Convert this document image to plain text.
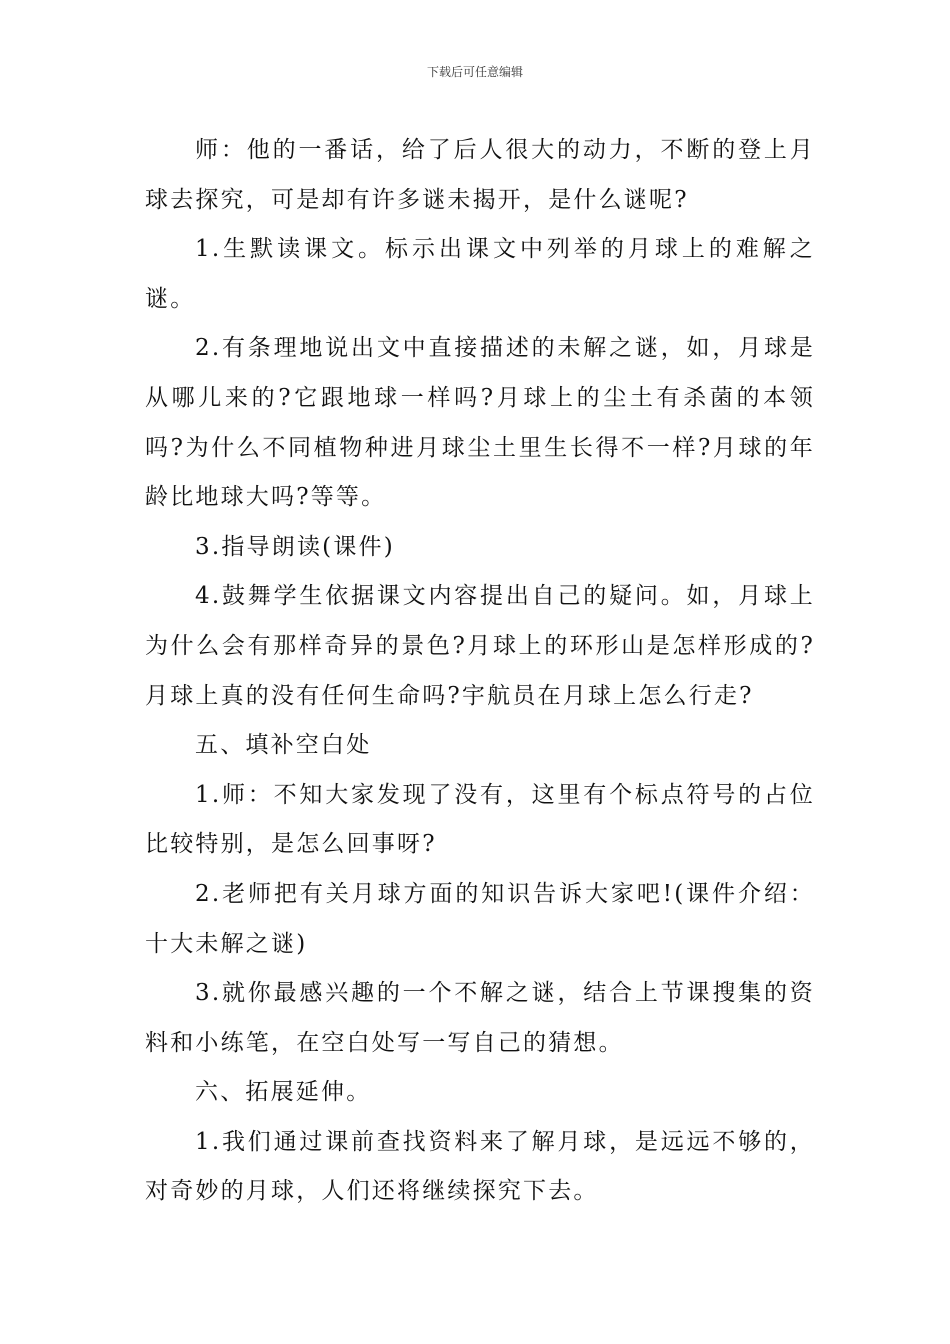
下载后可任意编辑

师：他的一番话，给了后人很大的动力，不断的登上月球去探究，可是却有许多谜未揭开，是什么谜呢?

1.生默读课文。标示出课文中列举的月球上的难解之谜。

2.有条理地说出文中直接描述的未解之谜，如，月球是从哪儿来的?它跟地球一样吗?月球上的尘土有杀菌的本领吗?为什么不同植物种进月球尘土里生长得不一样?月球的年龄比地球大吗?等等。

3.指导朗读(课件)

4.鼓舞学生依据课文内容提出自己的疑问。如，月球上为什么会有那样奇异的景色?月球上的环形山是怎样形成的?月球上真的没有任何生命吗?宇航员在月球上怎么行走?

五、填补空白处

1.师：不知大家发现了没有，这里有个标点符号的占位比较特别，是怎么回事呀?

2.老师把有关月球方面的知识告诉大家吧!(课件介绍：十大未解之谜)

3.就你最感兴趣的一个不解之谜，结合上节课搜集的资料和小练笔，在空白处写一写自己的猜想。

六、拓展延伸。

1.我们通过课前查找资料来了解月球，是远远不够的，对奇妙的月球，人们还将继续探究下去。
